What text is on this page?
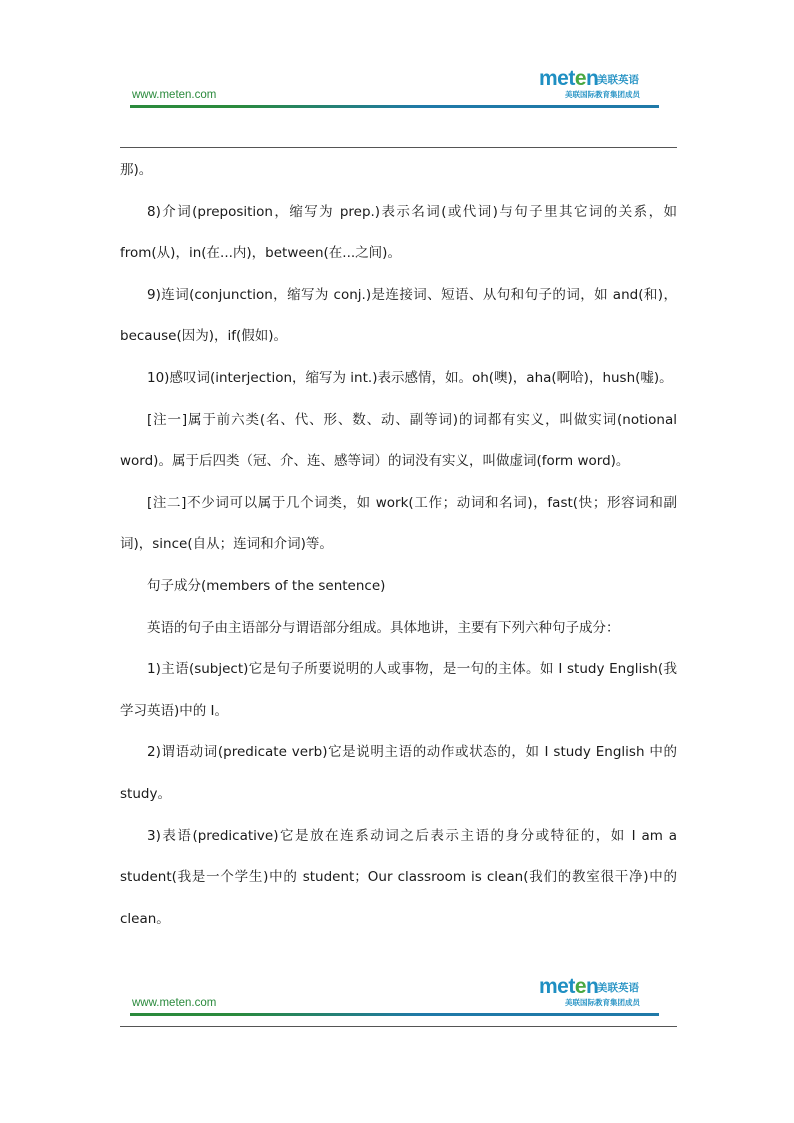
www.meten.com
meten
美联英语
美联国际教育集团成员

那)。

8)介词(preposition，缩写为 prep.)表示名词(或代词)与句子里其它词的关系，如from(从)，in(在...内)，between(在...之间)。

9)连词(conjunction，缩写为 conj.)是连接词、短语、从句和句子的词，如 and(和)，because(因为)，if(假如)。

10)感叹词(interjection，缩写为 int.)表示感情，如。oh(噢)，aha(啊哈)，hush(嘘)。

[注一]属于前六类(名、代、形、数、动、副等词)的词都有实义，叫做实词(notional word)。属于后四类（冠、介、连、感等词）的词没有实义，叫做虚词(form word)。

[注二]不少词可以属于几个词类，如 work(工作；动词和名词)，fast(快；形容词和副词)，since(自从；连词和介词)等。

句子成分(members of the sentence)

英语的句子由主语部分与谓语部分组成。具体地讲，主要有下列六种句子成分：

1)主语(subject)它是句子所要说明的人或事物，是一句的主体。如 I study English(我学习英语)中的 I。

2)谓语动词(predicate verb)它是说明主语的动作或状态的，如 I study English 中的study。

3)表语(predicative)它是放在连系动词之后表示主语的身分或特征的，如 I am a student(我是一个学生)中的 student；Our classroom is clean(我们的教室很干净)中的clean。

www.meten.com
meten
美联英语
美联国际教育集团成员
